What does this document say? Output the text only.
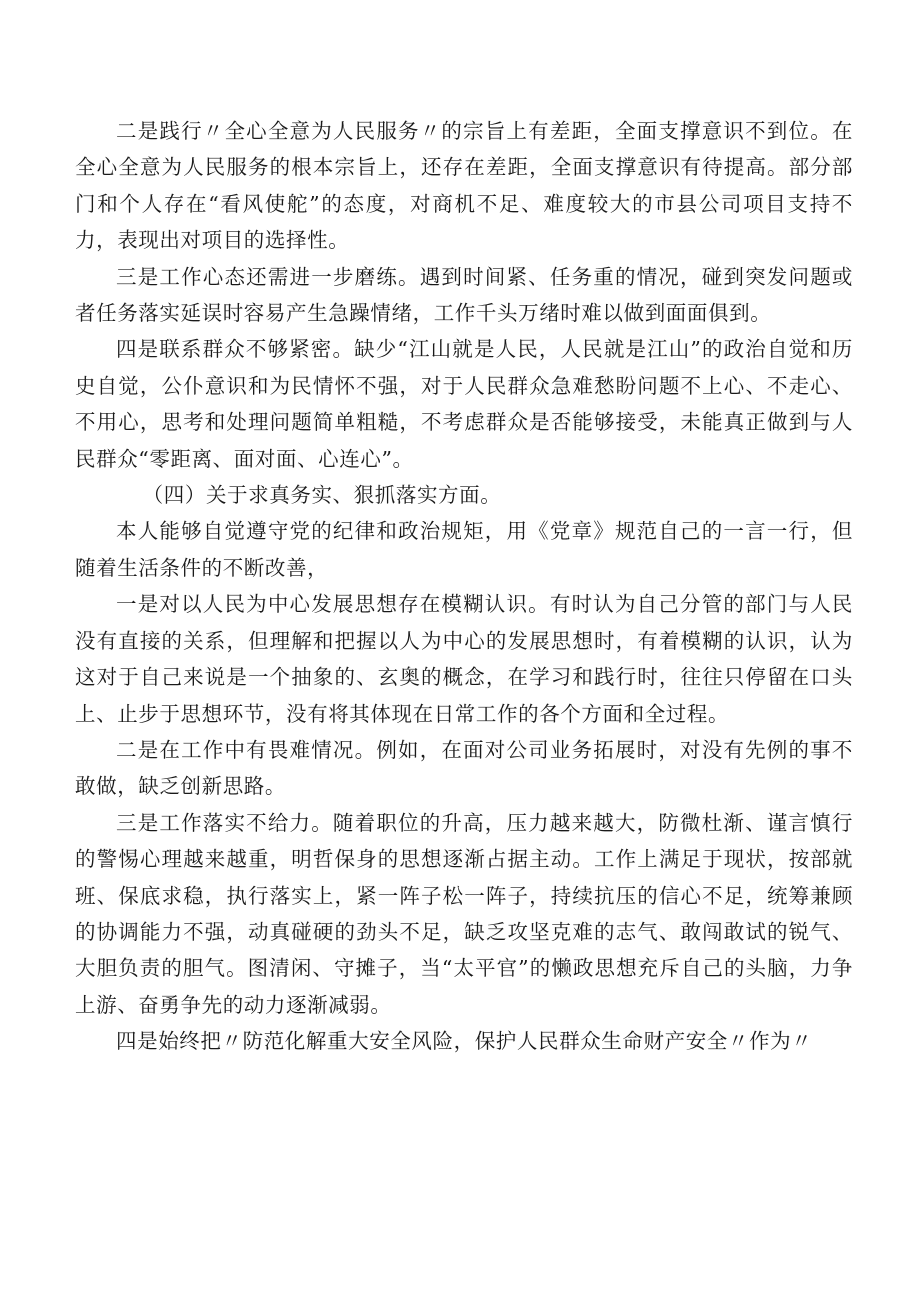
二是践行〃全心全意为人民服务〃的宗旨上有差距，全面支撑意识不到位。在全心全意为人民服务的根本宗旨上，还存在差距，全面支撑意识有待提高。部分部门和个人存在“看风使舵”的态度，对商机不足、难度较大的市县公司项目支持不力，表现出对项目的选择性。

三是工作心态还需进一步磨练。遇到时间紧、任务重的情况，碰到突发问题或者任务落实延误时容易产生急躁情绪，工作千头万绪时难以做到面面俱到。

四是联系群众不够紧密。缺少“江山就是人民，人民就是江山”的政治自觉和历史自觉，公仆意识和为民情怀不强，对于人民群众急难愁盼问题不上心、不走心、不用心，思考和处理问题简单粗糙，不考虑群众是否能够接受，未能真正做到与人民群众“零距离、面对面、心连心”。

（四）关于求真务实、狠抓落实方面。

本人能够自觉遵守党的纪律和政治规矩，用《党章》规范自己的一言一行，但随着生活条件的不断改善，

一是对以人民为中心发展思想存在模糊认识。有时认为自己分管的部门与人民没有直接的关系，但理解和把握以人为中心的发展思想时，有着模糊的认识，认为这对于自己来说是一个抽象的、玄奥的概念，在学习和践行时，往往只停留在口头上、止步于思想环节，没有将其体现在日常工作的各个方面和全过程。

二是在工作中有畏难情况。例如，在面对公司业务拓展时，对没有先例的事不敢做，缺乏创新思路。

三是工作落实不给力。随着职位的升高，压力越来越大，防微杜渐、谨言慎行的警惕心理越来越重，明哲保身的思想逐渐占据主动。工作上满足于现状，按部就班、保底求稳，执行落实上，紧一阵子松一阵子，持续抗压的信心不足，统筹兼顾的协调能力不强，动真碰硬的劲头不足，缺乏攻坚克难的志气、敢闯敢试的锐气、大胆负责的胆气。图清闲、守摊子，当“太平官”的懒政思想充斥自己的头脑，力争上游、奋勇争先的动力逐渐减弱。

四是始终把〃防范化解重大安全风险，保护人民群众生命财产安全〃作为〃
